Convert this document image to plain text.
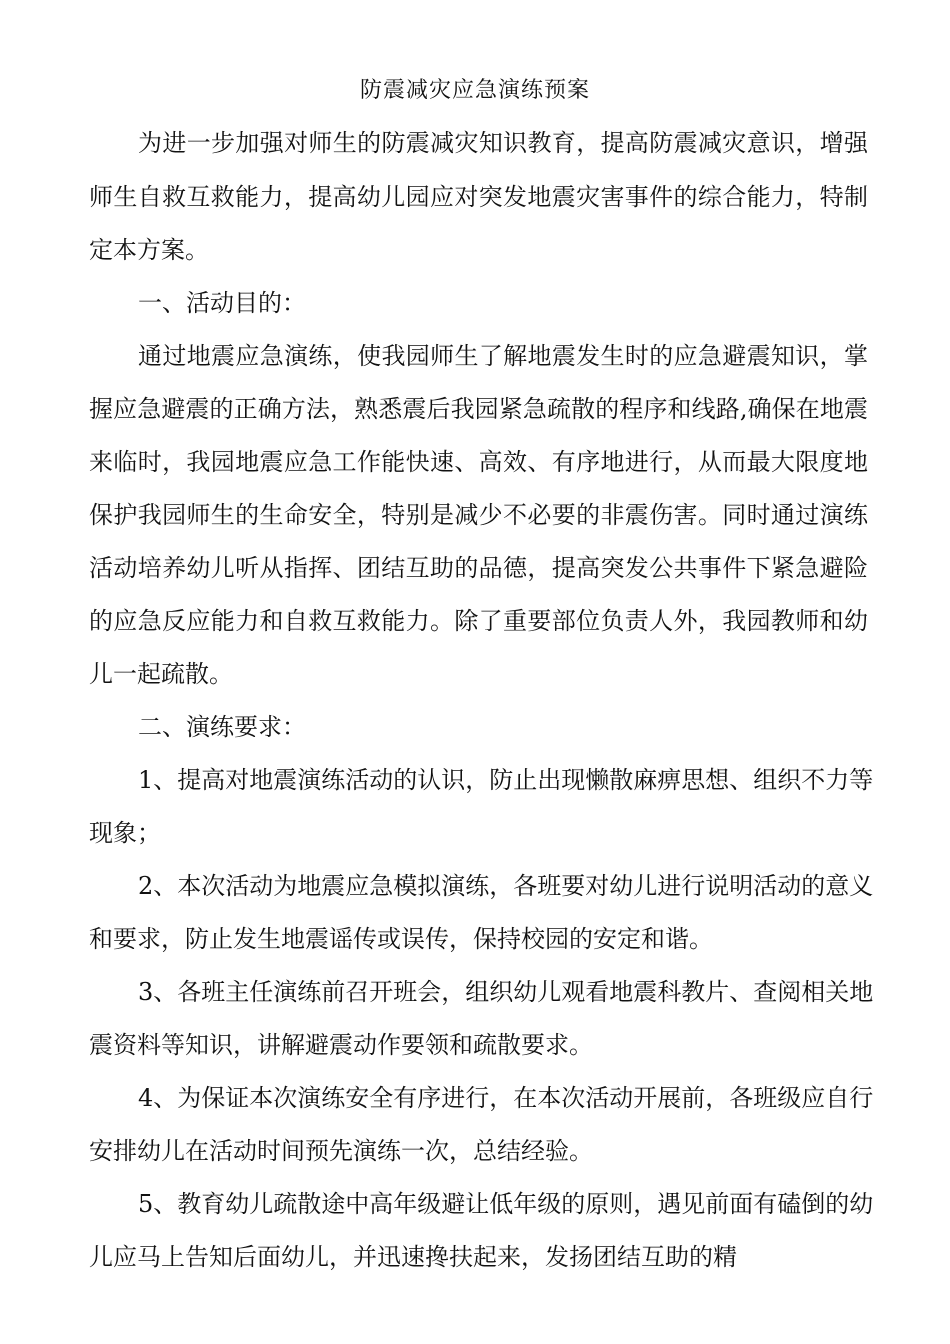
防震减灾应急演练预案
为进一步加强对师生的防震减灾知识教育，提高防震减灾意识，增强
师生自救互救能力，提高幼儿园应对突发地震灾害事件的综合能力，特制
定本方案。
一、活动目的：
通过地震应急演练，使我园师生了解地震发生时的应急避震知识，掌
握应急避震的正确方法，熟悉震后我园紧急疏散的程序和线路,确保在地震
来临时，我园地震应急工作能快速、高效、有序地进行，从而最大限度地
保护我园师生的生命安全，特别是减少不必要的非震伤害。同时通过演练
活动培养幼儿听从指挥、团结互助的品德，提高突发公共事件下紧急避险
的应急反应能力和自救互救能力。除了重要部位负责人外，我园教师和幼
儿一起疏散。
二、演练要求：
1、提高对地震演练活动的认识，防止出现懒散麻痹思想、组织不力等
现象；
2、本次活动为地震应急模拟演练，各班要对幼儿进行说明活动的意义
和要求，防止发生地震谣传或误传，保持校园的安定和谐。
3、各班主任演练前召开班会，组织幼儿观看地震科教片、查阅相关地
震资料等知识，讲解避震动作要领和疏散要求。
4、为保证本次演练安全有序进行，在本次活动开展前，各班级应自行
安排幼儿在活动时间预先演练一次，总结经验。
5、教育幼儿疏散途中高年级避让低年级的原则，遇见前面有磕倒的幼
儿应马上告知后面幼儿，并迅速搀扶起来，发扬团结互助的精
